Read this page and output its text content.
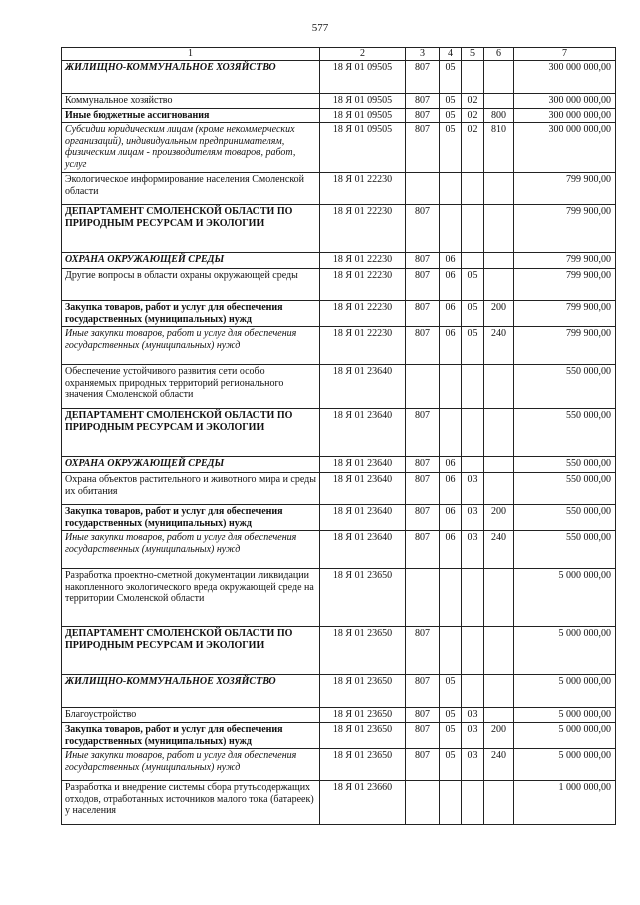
577
1	2	3	4	5	6	7
ЖИЛИЩНО-КОММУНАЛЬНОЕ ХОЗЯЙСТВО	18 Я 01 09505	807	05			300 000 000,00
Коммунальное хозяйство	18 Я 01 09505	807	05	02		300 000 000,00
Иные бюджетные ассигнования	18 Я 01 09505	807	05	02	800	300 000 000,00
Субсидии юридическим лицам (кроме некоммерческих организаций), индивидуальным предпринимателям, физическим лицам - производителям товаров, работ, услуг	18 Я 01 09505	807	05	02	810	300 000 000,00
Экологическое информирование населения Смоленской области	18 Я 01 22230					799 900,00
ДЕПАРТАМЕНТ СМОЛЕНСКОЙ ОБЛАСТИ ПО ПРИРОДНЫМ РЕСУРСАМ И ЭКОЛОГИИ	18 Я 01 22230	807				799 900,00
ОХРАНА ОКРУЖАЮЩЕЙ СРЕДЫ	18 Я 01 22230	807	06			799 900,00
Другие вопросы в области охраны окружающей среды	18 Я 01 22230	807	06	05		799 900,00
Закупка товаров, работ и услуг для обеспечения государственных (муниципальных) нужд	18 Я 01 22230	807	06	05	200	799 900,00
Иные закупки товаров, работ и услуг для обеспечения государственных (муниципальных) нужд	18 Я 01 22230	807	06	05	240	799 900,00
Обеспечение устойчивого развития сети особо охраняемых природных территорий регионального значения Смоленской области	18 Я 01 23640					550 000,00
ДЕПАРТАМЕНТ СМОЛЕНСКОЙ ОБЛАСТИ ПО ПРИРОДНЫМ РЕСУРСАМ И ЭКОЛОГИИ	18 Я 01 23640	807				550 000,00
ОХРАНА ОКРУЖАЮЩЕЙ СРЕДЫ	18 Я 01 23640	807	06			550 000,00
Охрана объектов растительного и животного мира и среды их обитания	18 Я 01 23640	807	06	03		550 000,00
Закупка товаров, работ и услуг для обеспечения государственных (муниципальных) нужд	18 Я 01 23640	807	06	03	200	550 000,00
Иные закупки товаров, работ и услуг для обеспечения государственных (муниципальных) нужд	18 Я 01 23640	807	06	03	240	550 000,00
Разработка проектно-сметной документации ликвидации накопленного экологического вреда окружающей среде на территории Смоленской области	18 Я 01 23650					5 000 000,00
ДЕПАРТАМЕНТ СМОЛЕНСКОЙ ОБЛАСТИ ПО ПРИРОДНЫМ РЕСУРСАМ И ЭКОЛОГИИ	18 Я 01 23650	807				5 000 000,00
ЖИЛИЩНО-КОММУНАЛЬНОЕ ХОЗЯЙСТВО	18 Я 01 23650	807	05			5 000 000,00
Благоустройство	18 Я 01 23650	807	05	03		5 000 000,00
Закупка товаров, работ и услуг для обеспечения государственных (муниципальных) нужд	18 Я 01 23650	807	05	03	200	5 000 000,00
Иные закупки товаров, работ и услуг для обеспечения государственных (муниципальных) нужд	18 Я 01 23650	807	05	03	240	5 000 000,00
Разработка и внедрение системы сбора ртутьсодержащих отходов, отработанных источников малого тока (батареек) у населения	18 Я 01 23660					1 000 000,00
